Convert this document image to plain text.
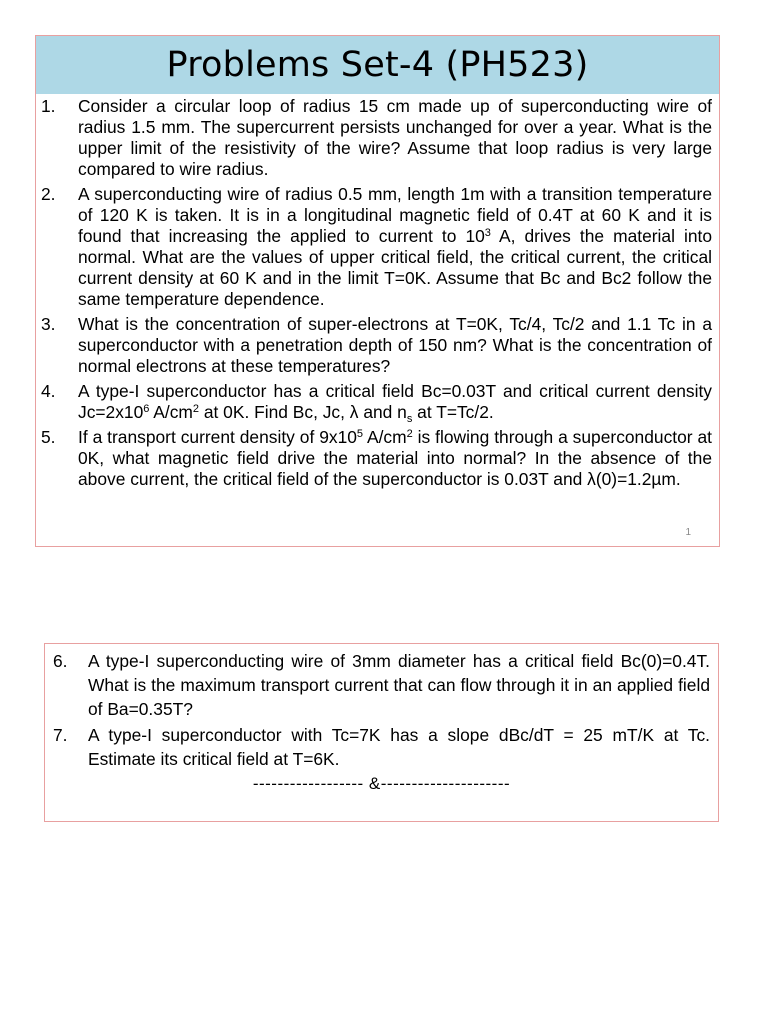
Problems Set-4 (PH523)
1. Consider a circular loop of radius 15 cm made up of superconducting wire of radius 1.5 mm. The supercurrent persists unchanged for over a year. What is the upper limit of the resistivity of the wire? Assume that loop radius is very large compared to wire radius.
2. A superconducting wire of radius 0.5 mm, length 1m with a transition temperature of 120 K is taken. It is in a longitudinal magnetic field of 0.4T at 60 K and it is found that increasing the applied to current to $10^3$ A, drives the material into normal. What are the values of upper critical field, the critical current, the critical current density at 60 K and in the limit T=0K. Assume that Bc and Bc2 follow the same temperature dependence.
3. What is the concentration of super-electrons at T=0K, Tc/4, Tc/2 and 1.1 Tc in a superconductor with a penetration depth of 150 nm? What is the concentration of normal electrons at these temperatures?
4. A type-I superconductor has a critical field Bc=0.03T and critical current density $Jc=2x10^6$ $A/cm^2$ at 0K. Find Bc, Jc, λ and $n_s$ at T=Tc/2.
5. If a transport current density of $9x10^5$ $A/cm^2$ is flowing through a superconductor at 0K, what magnetic field drive the material into normal? In the absence of the above current, the critical field of the superconductor is 0.03T and λ(0)=1.2µm.
1
6. A type-I superconducting wire of 3mm diameter has a critical field Bc(0)=0.4T. What is the maximum transport current that can flow through it in an applied field of Ba=0.35T?
7. A type-I superconductor with Tc=7K has a slope dBc/dT = 25 mT/K at Tc. Estimate its critical field at T=6K.
------------------ &---------------------
